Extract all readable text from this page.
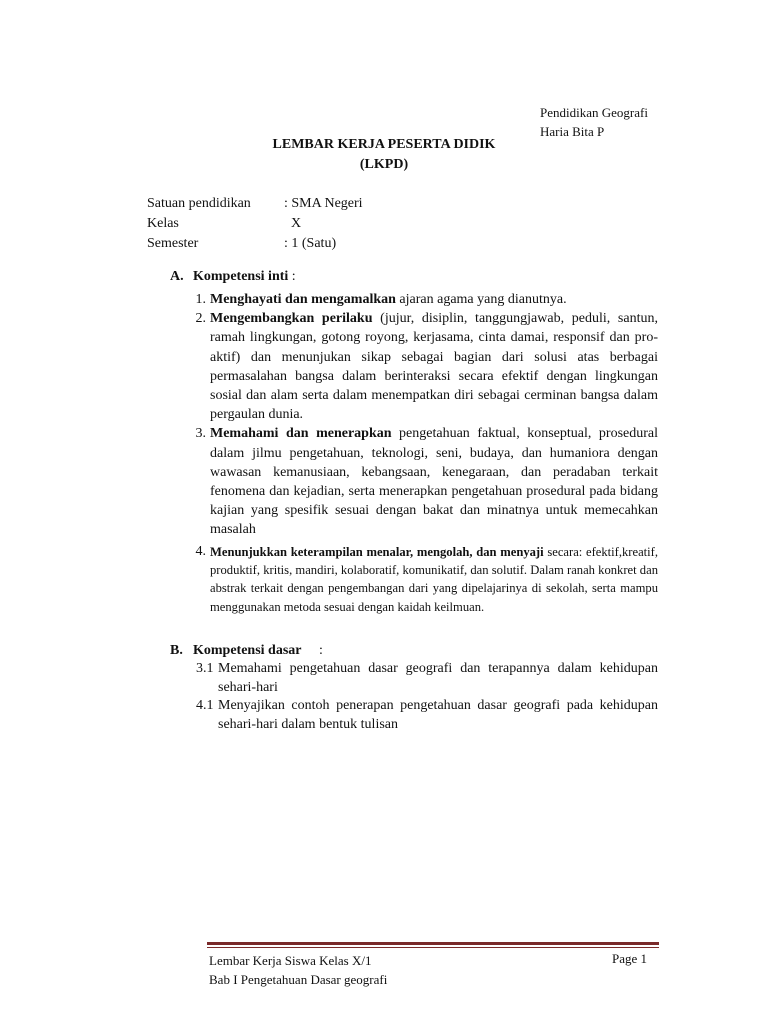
Pendidikan Geografi
Haria Bita P
LEMBAR KERJA PESERTA DIDIK
(LKPD)
Satuan pendidikan	: SMA Negeri
Kelas	X
Semester	: 1 (Satu)
A. Kompetensi inti :
1. Menghayati dan mengamalkan ajaran agama yang dianutnya.
2. Mengembangkan perilaku (jujur, disiplin, tanggungjawab, peduli, santun, ramah lingkungan, gotong royong, kerjasama, cinta damai, responsif dan pro-aktif) dan menunjukan sikap sebagai bagian dari solusi atas berbagai permasalahan bangsa dalam berinteraksi secara efektif dengan lingkungan sosial dan alam serta dalam menempatkan diri sebagai cerminan bangsa dalam pergaulan dunia.
3. Memahami dan menerapkan pengetahuan faktual, konseptual, prosedural dalam jilmu pengetahuan, teknologi, seni, budaya, dan humaniora dengan wawasan kemanusiaan, kebangsaan, kenegaraan, dan peradaban terkait fenomena dan kejadian, serta menerapkan pengetahuan prosedural pada bidang kajian yang spesifik sesuai dengan bakat dan minatnya untuk memecahkan masalah
4. Menunjukkan keterampilan menalar, mengolah, dan menyaji secara: efektif,kreatif, produktif, kritis, mandiri, kolaboratif, komunikatif, dan solutif. Dalam ranah konkret dan abstrak terkait dengan pengembangan dari yang dipelajarinya di sekolah, serta mampu menggunakan metoda sesuai dengan kaidah keilmuan.
B. Kompetensi dasar     :
3.1 Memahami pengetahuan dasar geografi dan terapannya dalam kehidupan sehari-hari
4.1 Menyajikan contoh penerapan pengetahuan dasar geografi pada kehidupan sehari-hari dalam bentuk tulisan
Lembar Kerja Siswa Kelas X/1
Bab I Pengetahuan Dasar geografi
Page 1
